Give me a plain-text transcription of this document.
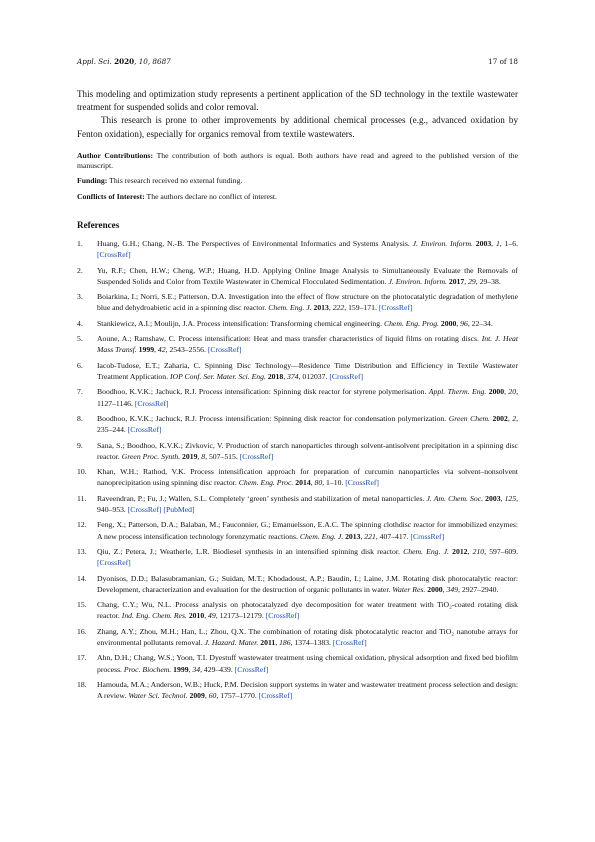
Appl. Sci. 2020, 10, 8687	17 of 18

This modeling and optimization study represents a pertinent application of the SD technology in the textile wastewater treatment for suspended solids and color removal.

This research is prone to other improvements by additional chemical processes (e.g., advanced oxidation by Fenton oxidation), especially for organics removal from textile wastewaters.

Author Contributions: The contribution of both authors is equal. Both authors have read and agreed to the published version of the manuscript.

Funding: This research received no external funding.

Conflicts of Interest: The authors declare no conflict of interest.

References
1. Huang, G.H.; Chang, N.-B. The Perspectives of Environmental Informatics and Systems Analysis. J. Environ. Inform. 2003, 1, 1–6. [CrossRef]
2. Yu, R.F.; Chen, H.W.; Cheng, W.P.; Huang, H.D. Applying Online Image Analysis to Simultaneously Evaluate the Removals of Suspended Solids and Color from Textile Wastewater in Chemical Flocculated Sedimentation. J. Environ. Inform. 2017, 29, 29–38.
3. Boiarkina, I.; Norri, S.E.; Patterson, D.A. Investigation into the effect of flow structure on the photocatalytic degradation of methylene blue and dehydroabietic acid in a spinning disc reactor. Chem. Eng. J. 2013, 222, 159–171. [CrossRef]
4. Stankiewicz, A.I.; Moulijn, J.A. Process intensification: Transforming chemical engineering. Chem. Eng. Prog. 2000, 96, 22–34.
5. Aoune, A.; Ramshaw, C. Process intensification: Heat and mass transfer characteristics of liquid films on rotating discs. Int. J. Heat Mass Transf. 1999, 42, 2543–2556. [CrossRef]
6. Iacob-Tudose, E.T.; Zaharia, C. Spinning Disc Technology—Residence Time Distribution and Efficiency in Textile Wastewater Treatment Application. IOP Conf. Ser. Mater. Sci. Eng. 2018, 374, 012037. [CrossRef]
7. Boodhoo, K.V.K.; Jachuck, R.J. Process intensification: Spinning disk reactor for styrene polymerisation. Appl. Therm. Eng. 2000, 20, 1127–1146. [CrossRef]
8. Boodhoo, K.V.K.; Jachuck, R.J. Process intensification: Spinning disk reactor for condensation polymerization. Green Chem. 2002, 2, 235–244. [CrossRef]
9. Sana, S.; Boodhoo, K.V.K.; Zivkovic, V. Production of starch nanoparticles through solvent-antisolvent precipitation in a spinning disc reactor. Green Proc. Synth. 2019, 8, 507–515. [CrossRef]
10. Khan, W.H.; Rathod, V.K. Process intensification approach for preparation of curcumin nanoparticles via solvent–nonsolvent nanoprecipitation using spinning disc reactor. Chem. Eng. Proc. 2014, 80, 1–10. [CrossRef]
11. Raveendran, P.; Fu, J.; Wallen, S.L. Completely ‘green’ synthesis and stabilization of metal nanoparticles. J. Am. Chem. Soc. 2003, 125, 940–953. [CrossRef] [PubMed]
12. Feng, X.; Patterson, D.A.; Balaban, M.; Fauconnier, G.; Emanuelsson, E.A.C. The spinning clothdisc reactor for immobilized enzymes: A new process intensification technology forenzymatic reactions. Chem. Eng. J. 2013, 221, 407–417. [CrossRef]
13. Qiu, Z.; Petera, J.; Weatherle, L.R. Biodiesel synthesis in an intensified spinning disk reactor. Chem. Eng. J. 2012, 210, 597–609. [CrossRef]
14. Dyonisos, D.D.; Balasubramanian, G.; Suidan, M.T.; Khodadoust, A.P.; Baudin, I.; Laine, J.M. Rotating disk photocatalytic reactor: Development, characterization and evaluation for the destruction of organic pollutants in water. Water Res. 2000, 349, 2927–2940.
15. Chang, C.Y.; Wu, N.L. Process analysis on photocatalyzed dye decomposition for water treatment with TiO₂-coated rotating disk reactor. Ind. Eng. Chem. Res. 2010, 49, 12173–12179. [CrossRef]
16. Zhang, A.Y.; Zhou, M.H.; Han, L.; Zhou, Q.X. The combination of rotating disk photocatalytic reactor and TiO₂ nanotube arrays for environmental pollutants removal. J. Hazard. Mater. 2011, 186, 1374–1383. [CrossRef]
17. Ahn, D.H.; Chang, W.S.; Yoon, T.I. Dyestuff wastewater treatment using chemical oxidation, physical adsorption and fixed bed biofilm process. Proc. Biochem. 1999, 34, 429–439. [CrossRef]
18. Hamouda, M.A.; Anderson, W.B.; Huck, P.M. Decision support systems in water and wastewater treatment process selection and design: A review. Water Sci. Technol. 2009, 60, 1757–1770. [CrossRef]
